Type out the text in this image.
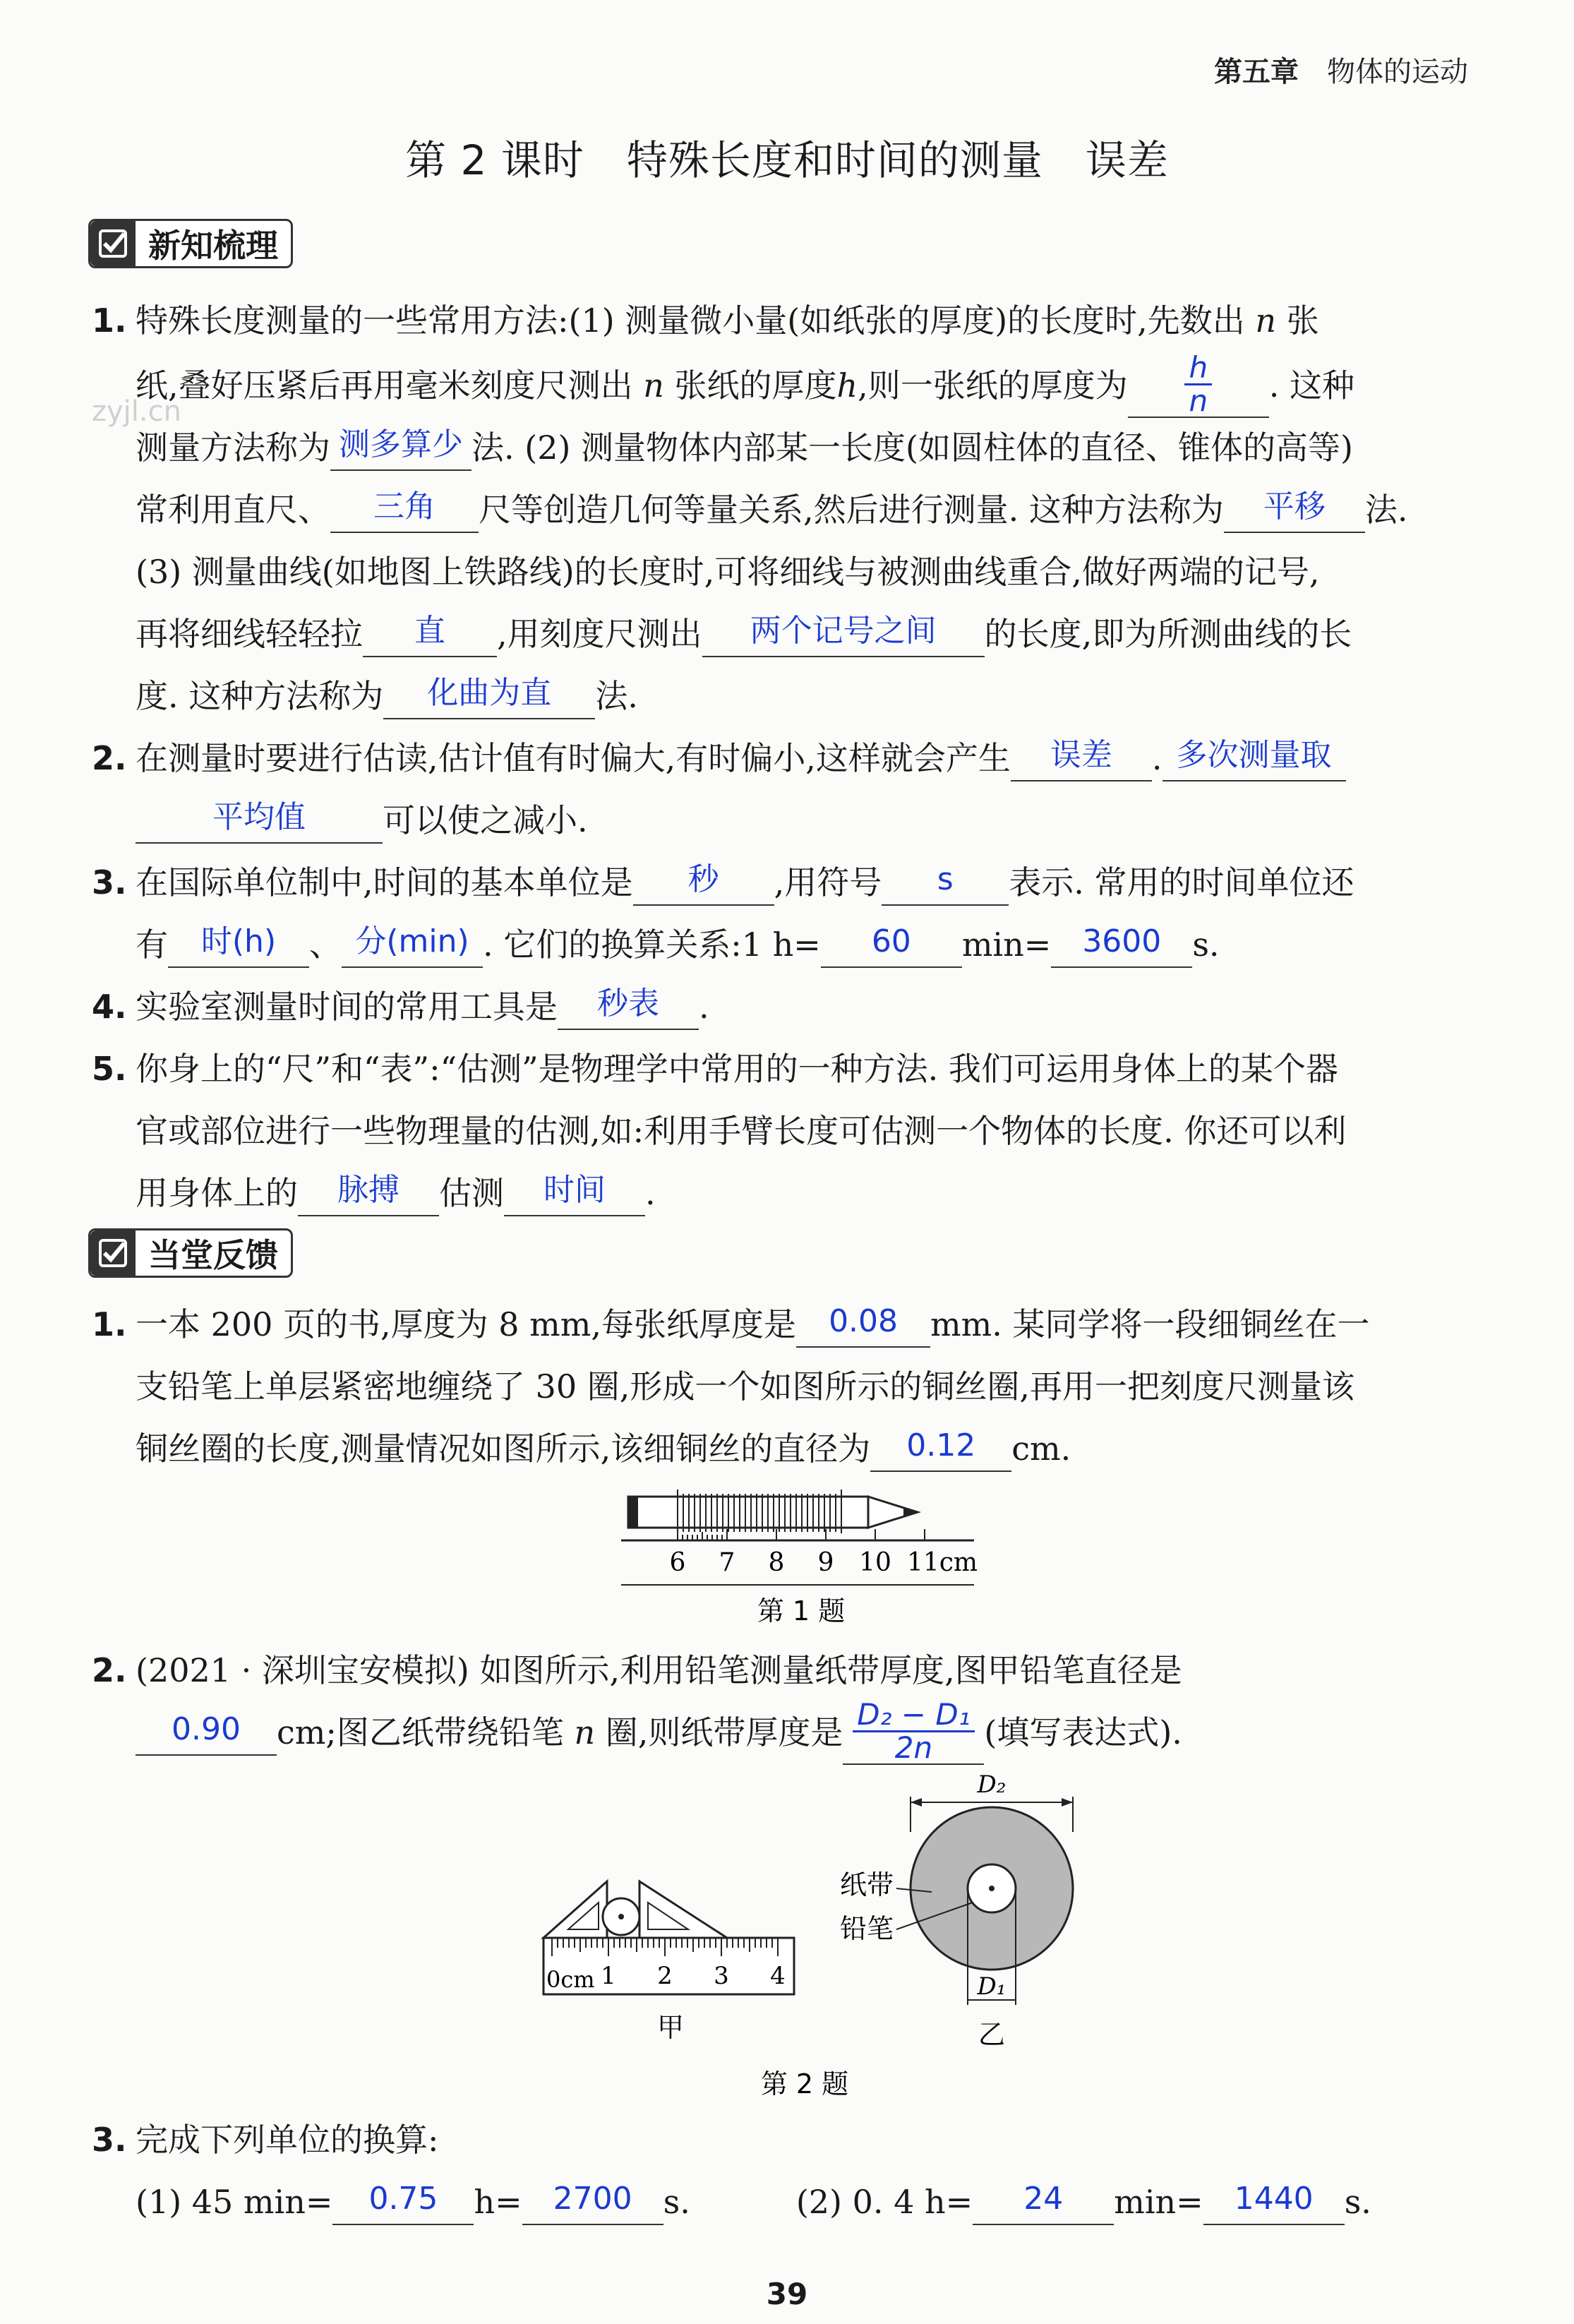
第五章 物体的运动
第 2 课时 特殊长度和时间的测量 误差
zyjl.cn
新知梳理
1. 特殊长度测量的一些常用方法:(1) 测量微小量(如纸张的厚度)的长度时,先数出 n 张
纸,叠好压紧后再用毫米刻度尺测出 n 张纸的厚度h,则一张纸的厚度为 $\frac{h}{n}$ . 这种
测量方法称为 测多算少 法. (2) 测量物体内部某一长度(如圆柱体的直径、锥体的高等)
常利用直尺、 三角 尺等创造几何等量关系,然后进行测量. 这种方法称为 平移 法.
(3) 测量曲线(如地图上铁路线)的长度时,可将细线与被测曲线重合,做好两端的记号,
再将细线轻轻拉 直 ,用刻度尺测出 两个记号之间 的长度,即为所测曲线的长
度. 这种方法称为 化曲为直 法.
2. 在测量时要进行估读,估计值有时偏大,有时偏小,这样就会产生 误差 . 多次测量取
平均值 可以使之减小.
3. 在国际单位制中,时间的基本单位是 秒 ,用符号 s 表示. 常用的时间单位还
有 时(h) 、 分(min) . 它们的换算关系:1 h= 60 min= 3600 s.
4. 实验室测量时间的常用工具是 秒表 .
5. 你身上的“尺”和“表”:“估测”是物理学中常用的一种方法. 我们可运用身体上的某个器
官或部位进行一些物理量的估测,如:利用手臂长度可估测一个物体的长度. 你还可以利
用身体上的 脉搏 估测 时间 .
当堂反馈
1. 一本 200 页的书,厚度为 8 mm,每张纸厚度是 0.08 mm. 某同学将一段细铜丝在一
支铅笔上单层紧密地缠绕了 30 圈,形成一个如图所示的铜丝圈,再用一把刻度尺测量该
铜丝圈的长度,测量情况如图所示,该细铜丝的直径为 0.12 cm.
6 7 8 9 10 11cm
第 1 题
2. (2021 · 深圳宝安模拟) 如图所示,利用铅笔测量纸带厚度,图甲铅笔直径是
0.90 cm;图乙纸带绕铅笔 n 圈,则纸带厚度是 $\frac{\text{D₂ − D₁}}{2n}$ (填写表达式).
0cm 1 2 3 4
甲
D₂
D₁
纸带
铅笔
乙
第 2 题
3. 完成下列单位的换算:
(1) 45 min= 0.75 h= 2700 s.	(2) 0. 4 h= 24 min= 1440 s.
39
